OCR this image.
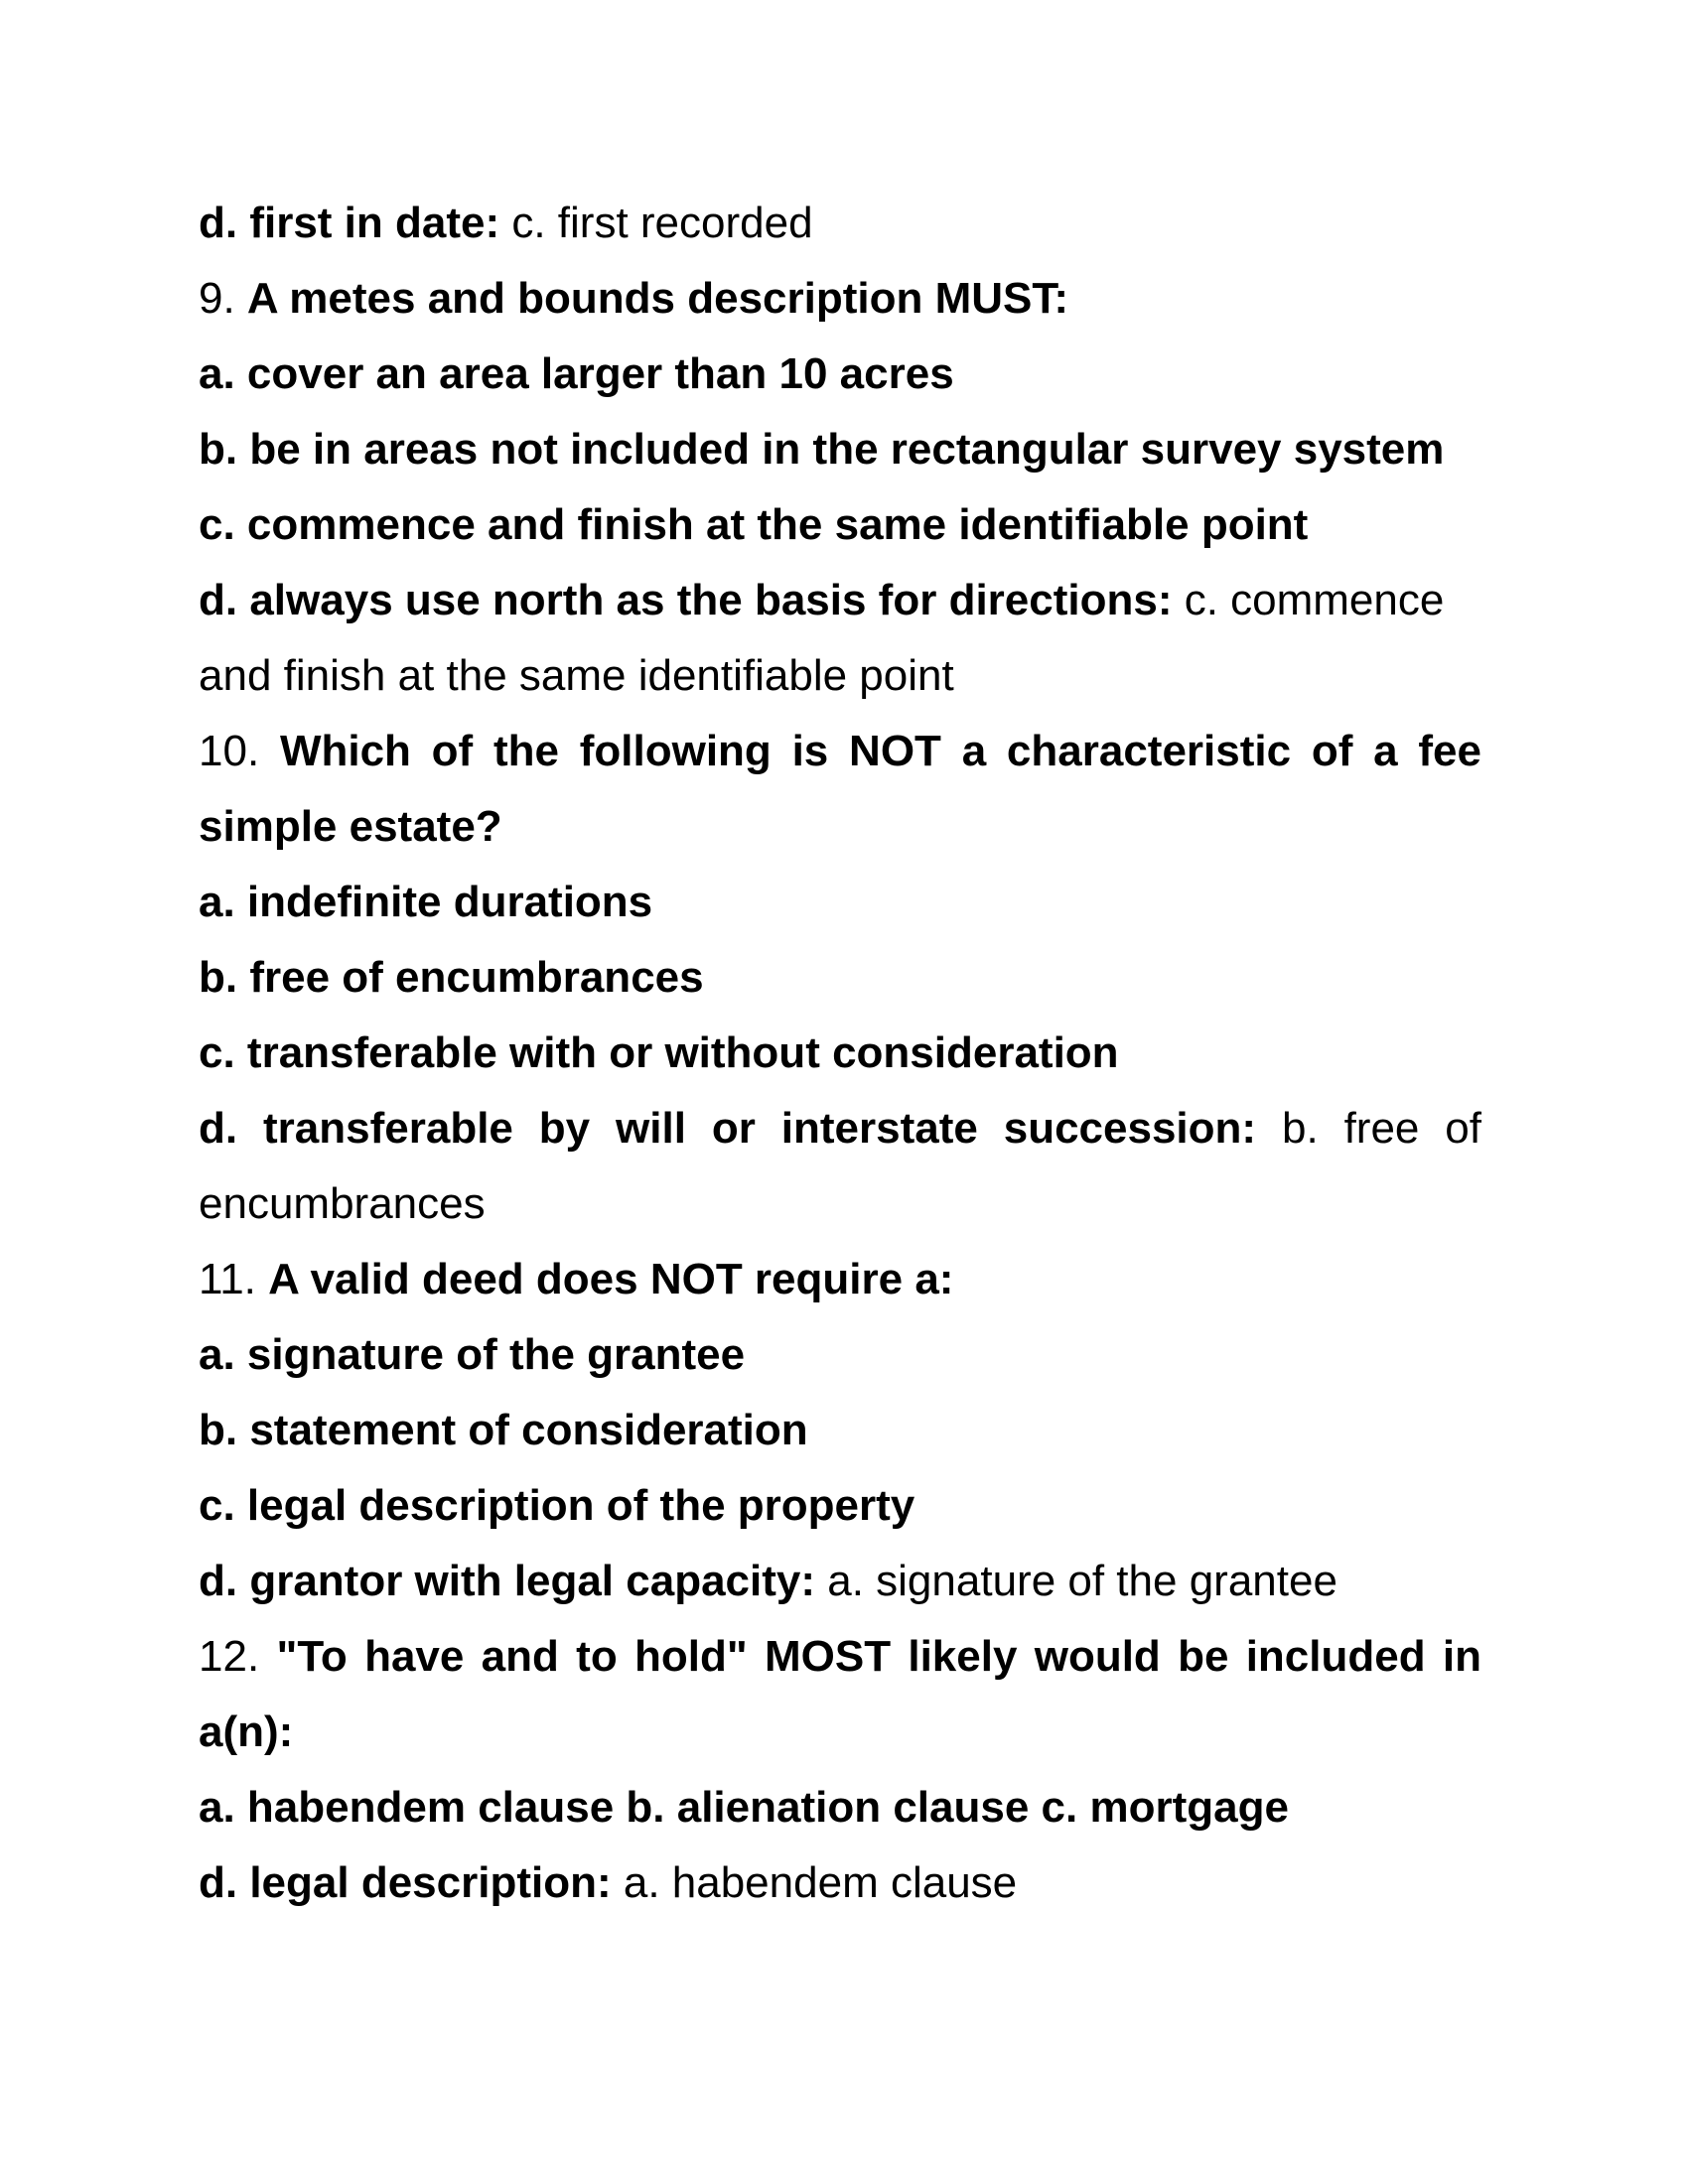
d. first in date: c. first recorded
9. A metes and bounds description MUST:
a. cover an area larger than 10 acres
b. be in areas not included in the rectangular survey system
c. commence and finish at the same identifiable point
d. always use north as the basis for directions: c. commence
and finish at the same identifiable point
10. Which of the following is NOT a characteristic of a fee
simple estate?
a. indefinite durations
b. free of encumbrances
c. transferable with or without consideration
d. transferable by will or interstate succession: b. free of
encumbrances
11. A valid deed does NOT require a:
a. signature of the grantee
b. statement of consideration
c. legal description of the property
d. grantor with legal capacity: a. signature of the grantee
12. "To have and to hold" MOST likely would be included in
a(n):
a. habendem clause b. alienation clause c. mortgage
d. legal description: a. habendem clause
